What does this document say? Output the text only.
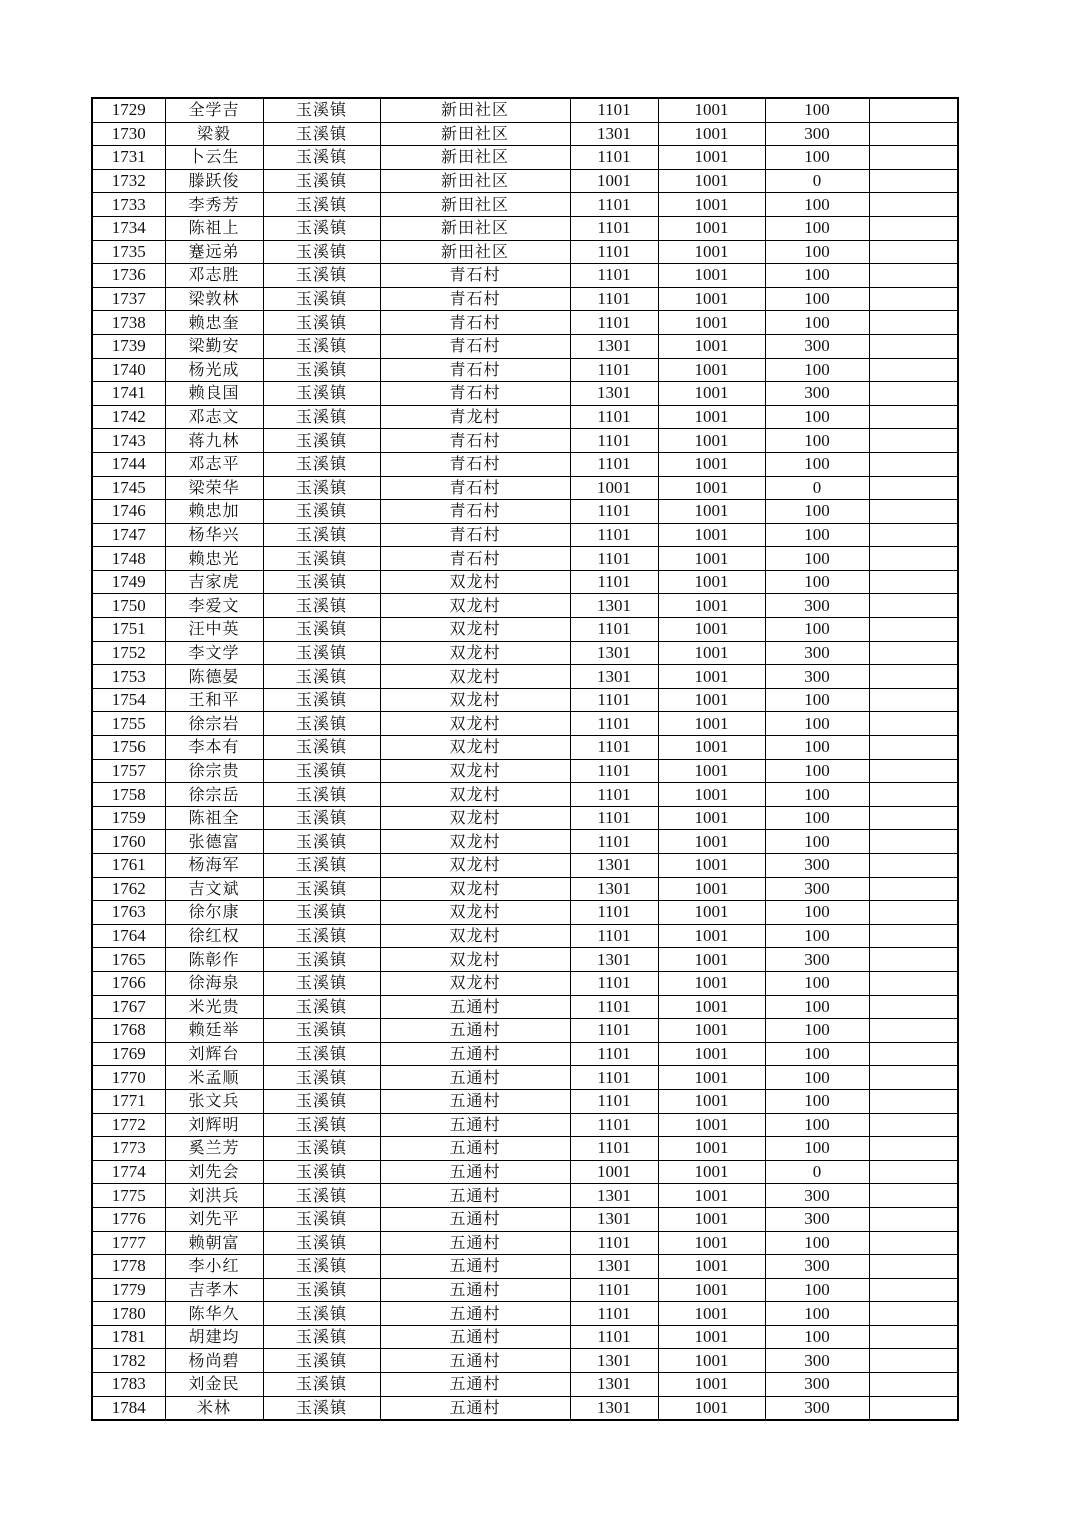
1729	全学吉	玉溪镇	新田社区	1101	1001	100	
1730	梁毅	玉溪镇	新田社区	1301	1001	300	
1731	卜云生	玉溪镇	新田社区	1101	1001	100	
1732	滕跃俊	玉溪镇	新田社区	1001	1001	0	
1733	李秀芳	玉溪镇	新田社区	1101	1001	100	
1734	陈祖上	玉溪镇	新田社区	1101	1001	100	
1735	蹇远弟	玉溪镇	新田社区	1101	1001	100	
1736	邓志胜	玉溪镇	青石村	1101	1001	100	
1737	梁敦林	玉溪镇	青石村	1101	1001	100	
1738	赖忠奎	玉溪镇	青石村	1101	1001	100	
1739	梁勤安	玉溪镇	青石村	1301	1001	300	
1740	杨光成	玉溪镇	青石村	1101	1001	100	
1741	赖良国	玉溪镇	青石村	1301	1001	300	
1742	邓志文	玉溪镇	青龙村	1101	1001	100	
1743	蒋九林	玉溪镇	青石村	1101	1001	100	
1744	邓志平	玉溪镇	青石村	1101	1001	100	
1745	梁荣华	玉溪镇	青石村	1001	1001	0	
1746	赖忠加	玉溪镇	青石村	1101	1001	100	
1747	杨华兴	玉溪镇	青石村	1101	1001	100	
1748	赖忠光	玉溪镇	青石村	1101	1001	100	
1749	吉家虎	玉溪镇	双龙村	1101	1001	100	
1750	李爱文	玉溪镇	双龙村	1301	1001	300	
1751	汪中英	玉溪镇	双龙村	1101	1001	100	
1752	李文学	玉溪镇	双龙村	1301	1001	300	
1753	陈德晏	玉溪镇	双龙村	1301	1001	300	
1754	王和平	玉溪镇	双龙村	1101	1001	100	
1755	徐宗岩	玉溪镇	双龙村	1101	1001	100	
1756	李本有	玉溪镇	双龙村	1101	1001	100	
1757	徐宗贵	玉溪镇	双龙村	1101	1001	100	
1758	徐宗岳	玉溪镇	双龙村	1101	1001	100	
1759	陈祖全	玉溪镇	双龙村	1101	1001	100	
1760	张德富	玉溪镇	双龙村	1101	1001	100	
1761	杨海军	玉溪镇	双龙村	1301	1001	300	
1762	吉文斌	玉溪镇	双龙村	1301	1001	300	
1763	徐尔康	玉溪镇	双龙村	1101	1001	100	
1764	徐红权	玉溪镇	双龙村	1101	1001	100	
1765	陈彰作	玉溪镇	双龙村	1301	1001	300	
1766	徐海泉	玉溪镇	双龙村	1101	1001	100	
1767	米光贵	玉溪镇	五通村	1101	1001	100	
1768	赖廷举	玉溪镇	五通村	1101	1001	100	
1769	刘辉台	玉溪镇	五通村	1101	1001	100	
1770	米孟顺	玉溪镇	五通村	1101	1001	100	
1771	张文兵	玉溪镇	五通村	1101	1001	100	
1772	刘辉明	玉溪镇	五通村	1101	1001	100	
1773	奚兰芳	玉溪镇	五通村	1101	1001	100	
1774	刘先会	玉溪镇	五通村	1001	1001	0	
1775	刘洪兵	玉溪镇	五通村	1301	1001	300	
1776	刘先平	玉溪镇	五通村	1301	1001	300	
1777	赖朝富	玉溪镇	五通村	1101	1001	100	
1778	李小红	玉溪镇	五通村	1301	1001	300	
1779	吉孝木	玉溪镇	五通村	1101	1001	100	
1780	陈华久	玉溪镇	五通村	1101	1001	100	
1781	胡建均	玉溪镇	五通村	1101	1001	100	
1782	杨尚碧	玉溪镇	五通村	1301	1001	300	
1783	刘金民	玉溪镇	五通村	1301	1001	300	
1784	米林	玉溪镇	五通村	1301	1001	300	
